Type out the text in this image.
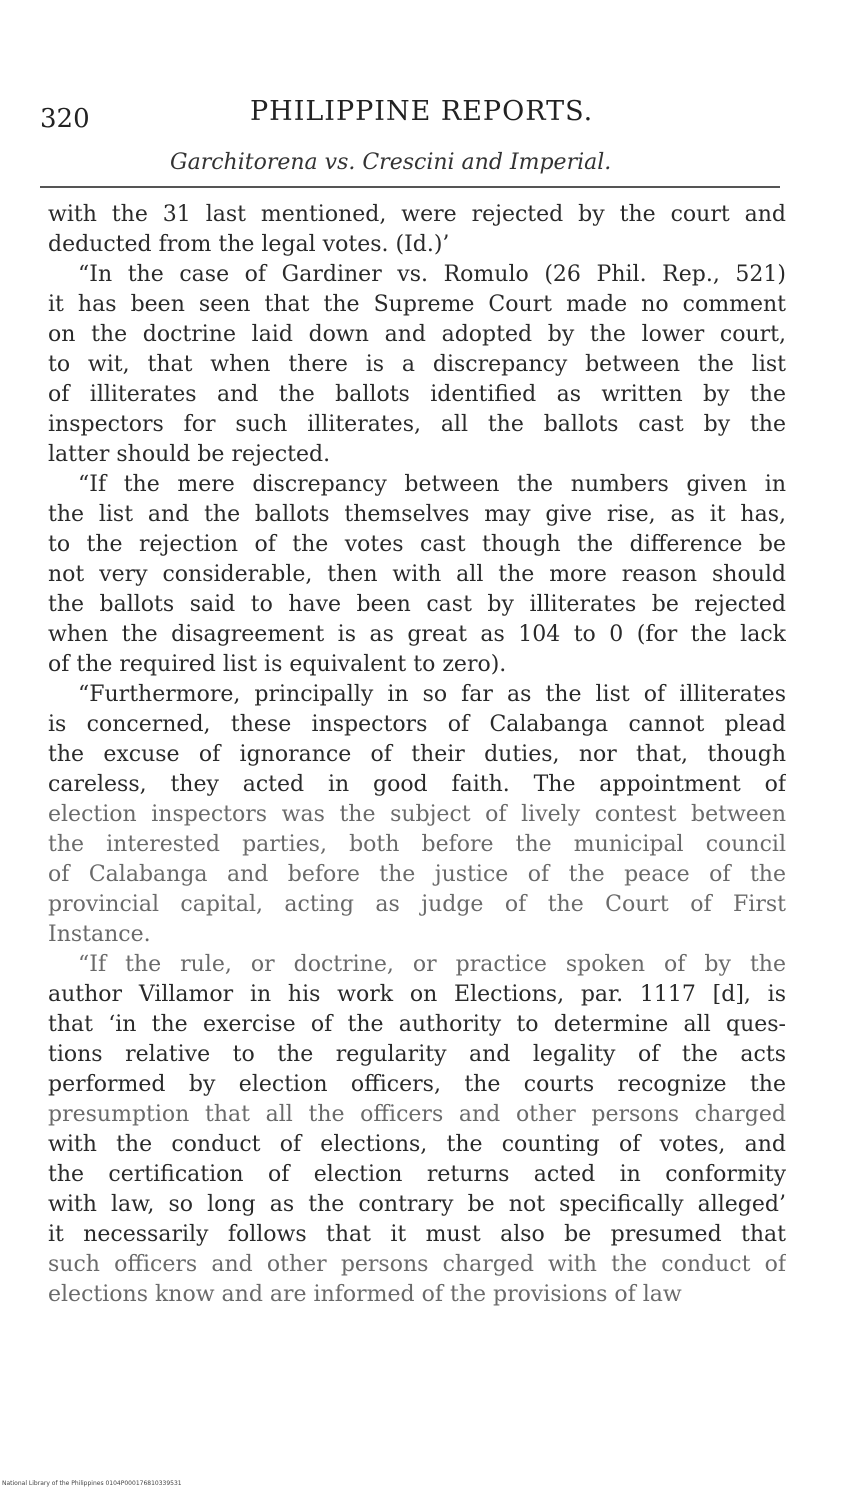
320	PHILIPPINE REPORTS.
Garchitorena vs. Crescini and Imperial.
with the 31 last mentioned, were rejected by the court and
deducted from the legal votes. (Id.)’
“In the case of Gardiner vs. Romulo (26 Phil. Rep., 521)
it has been seen that the Supreme Court made no comment
on the doctrine laid down and adopted by the lower court,
to wit, that when there is a discrepancy between the list
of illiterates and the ballots identified as written by the
inspectors for such illiterates, all the ballots cast by the
latter should be rejected.
“If the mere discrepancy between the numbers given in
the list and the ballots themselves may give rise, as it has,
to the rejection of the votes cast though the difference be
not very considerable, then with all the more reason should
the ballots said to have been cast by illiterates be rejected
when the disagreement is as great as 104 to 0 (for the lack
of the required list is equivalent to zero).
“Furthermore, principally in so far as the list of illiterates
is concerned, these inspectors of Calabanga cannot plead
the excuse of ignorance of their duties, nor that, though
careless, they acted in good faith. The appointment of
election inspectors was the subject of lively contest between
the interested parties, both before the municipal council
of Calabanga and before the justice of the peace of the
provincial capital, acting as judge of the Court of First
Instance.
“If the rule, or doctrine, or practice spoken of by the
author Villamor in his work on Elections, par. 1117 [d], is
that ‘in the exercise of the authority to determine all ques-
tions relative to the regularity and legality of the acts
performed by election officers, the courts recognize the
presumption that all the officers and other persons charged
with the conduct of elections, the counting of votes, and
the certification of election returns acted in conformity
with law, so long as the contrary be not specifically alleged’
it necessarily follows that it must also be presumed that
such officers and other persons charged with the conduct of
elections know and are informed of the provisions of law
National Library of the Philippines 0104P000176810339531
